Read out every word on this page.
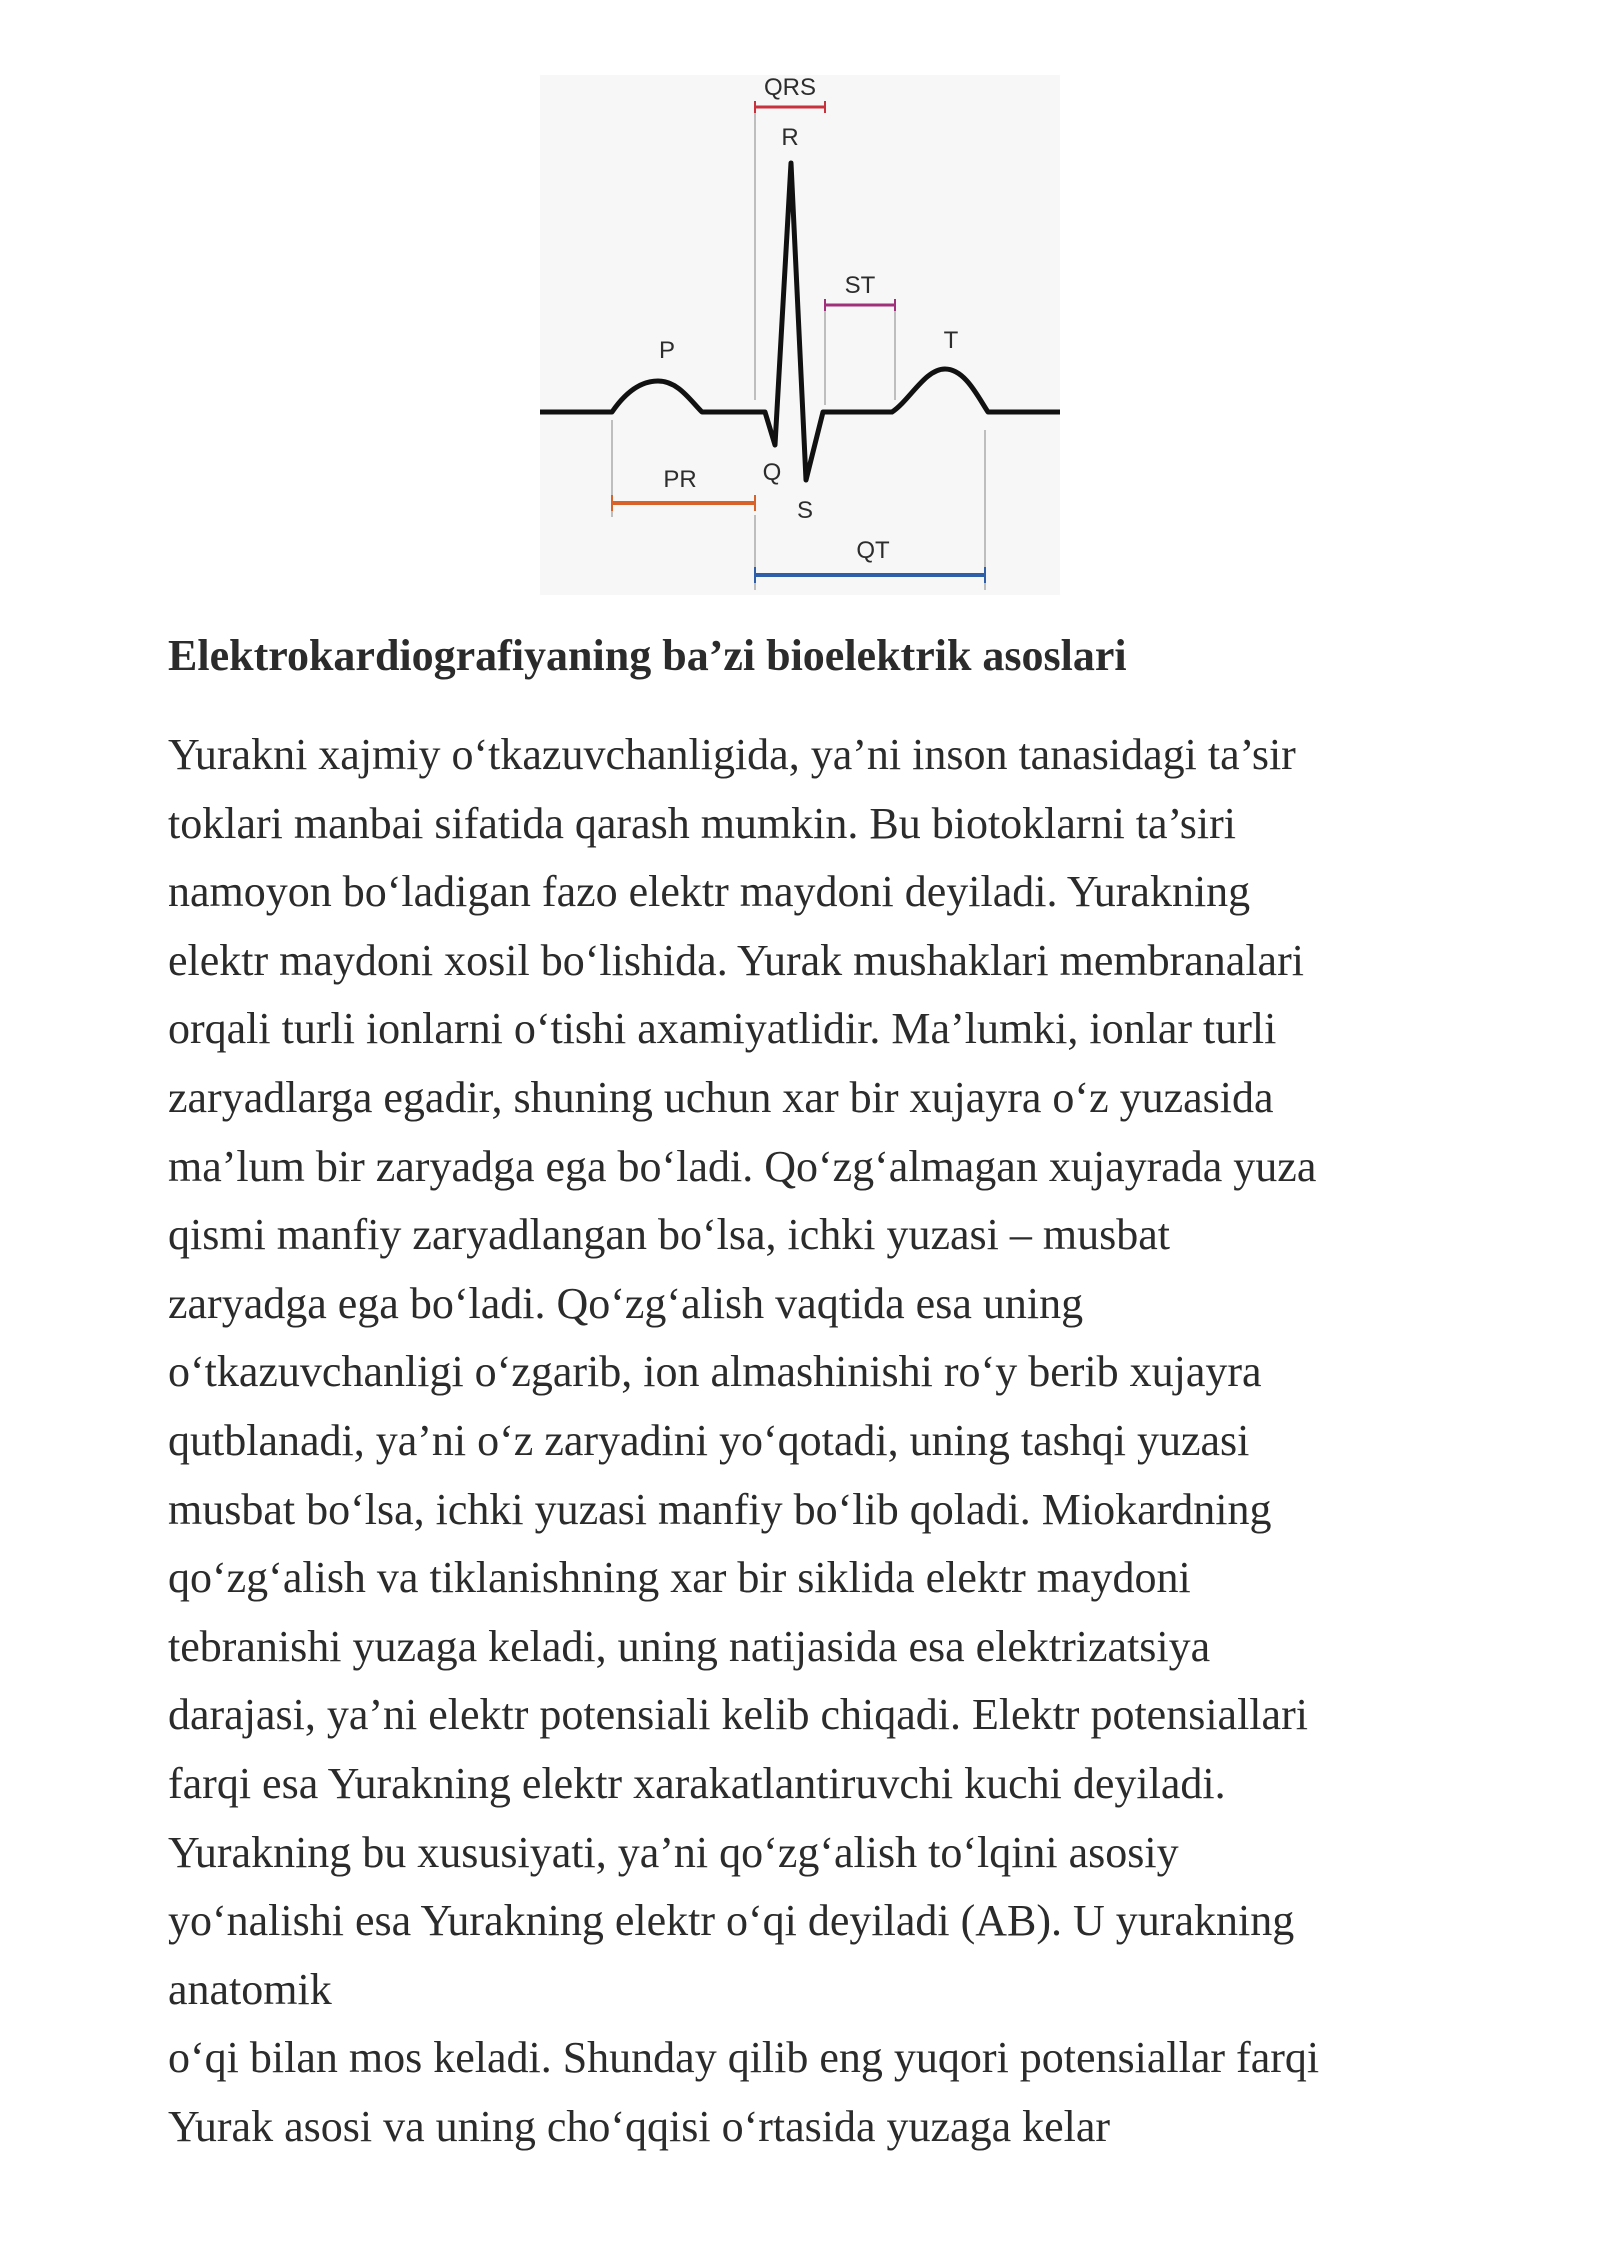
QRS
R
ST
P	T
PR	Q
S
QT
Elektrokardiografiyaning ba’zi bioelektrik asoslari
Yurakni xajmiy oʻtkazuvchanligida, ya’ni inson tanasidagi ta’sir
toklari manbai sifatida qarash mumkin. Bu biotoklarni ta’siri
namoyon boʻladigan fazo elektr maydoni deyiladi. Yurakning
elektr maydoni xosil boʻlishida. Yurak mushaklari membranalari
orqali turli ionlarni oʻtishi axamiyatlidir. Ma’lumki, ionlar turli
zaryadlarga egadir, shuning uchun xar bir xujayra oʻz yuzasida
ma’lum bir zaryadga ega boʻladi. Qoʻzgʻalmagan xujayrada yuza
qismi manfiy zaryadlangan boʻlsa, ichki yuzasi – musbat
zaryadga ega boʻladi. Qoʻzgʻalish vaqtida esa uning
oʻtkazuvchanligi oʻzgarib, ion almashinishi roʻy berib xujayra
qutblanadi, ya’ni oʻz zaryadini yoʻqotadi, uning tashqi yuzasi
musbat boʻlsa, ichki yuzasi manfiy boʻlib qoladi. Miokardning
qoʻzgʻalish va tiklanishning xar bir siklida elektr maydoni
tebranishi yuzaga keladi, uning natijasida esa elektrizatsiya
darajasi, ya’ni elektr potensiali kelib chiqadi. Elektr potensiallari
farqi esa Yurakning elektr xarakatlantiruvchi kuchi deyiladi.
Yurakning bu xususiyati, ya’ni qoʻzgʻalish toʻlqini asosiy
yoʻnalishi esa Yurakning elektr oʻqi deyiladi (AB). U yurakning
anatomik
oʻqi bilan mos keladi. Shunday qilib eng yuqori potensiallar farqi
Yurak asosi va uning choʻqqisi oʻrtasida yuzaga kelar
